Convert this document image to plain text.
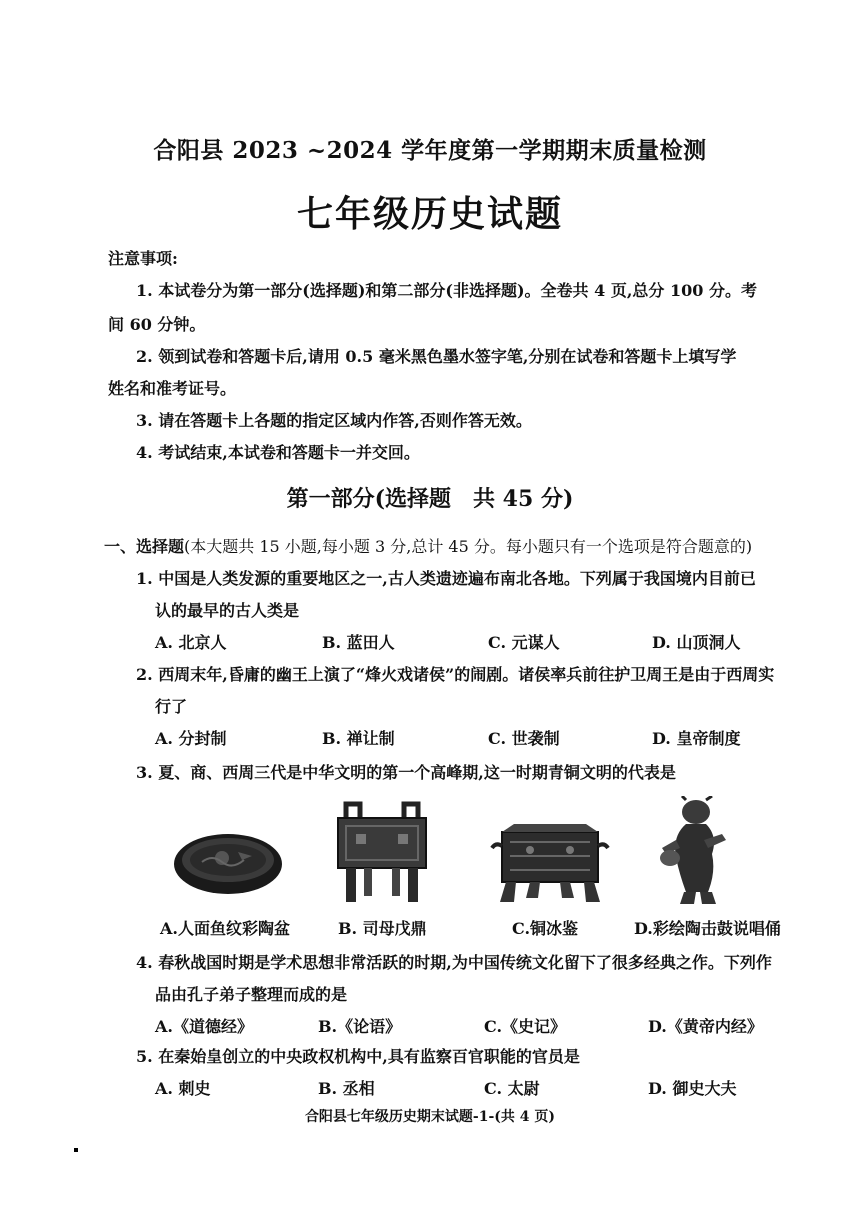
合阳县 2023 ~2024 学年度第一学期期末质量检测
七年级历史试题
注意事项:
1. 本试卷分为第一部分(选择题)和第二部分(非选择题)。全卷共 4 页,总分 100 分。考
间 60 分钟。
2. 领到试卷和答题卡后,请用 0.5 毫米黑色墨水签字笔,分别在试卷和答题卡上填写学
姓名和准考证号。
3. 请在答题卡上各题的指定区域内作答,否则作答无效。
4. 考试结束,本试卷和答题卡一并交回。
第一部分(选择题　共 45 分)
一、选择题(本大题共 15 小题,每小题 3 分,总计 45 分。每小题只有一个选项是符合题意的)
1. 中国是人类发源的重要地区之一,古人类遗迹遍布南北各地。下列属于我国境内目前已
认的最早的古人类是
A. 北京人	B. 蓝田人	C. 元谋人	D. 山顶洞人
2. 西周末年,昏庸的幽王上演了“烽火戏诸侯”的闹剧。诸侯率兵前往护卫周王是由于西周实
行了
A. 分封制	B. 禅让制	C. 世袭制	D. 皇帝制度
3. 夏、商、西周三代是中华文明的第一个高峰期,这一时期青铜文明的代表是
A.人面鱼纹彩陶盆	B. 司母戊鼎	C.铜冰鉴	D.彩绘陶击鼓说唱俑
4. 春秋战国时期是学术思想非常活跃的时期,为中国传统文化留下了很多经典之作。下列作
品由孔子弟子整理而成的是
A.《道德经》	B.《论语》	C.《史记》	D.《黄帝内经》
5. 在秦始皇创立的中央政权机构中,具有监察百官职能的官员是
A. 刺史	B. 丞相	C. 太尉	D. 御史大夫
合阳县七年级历史期末试题-1-(共 4 页)
